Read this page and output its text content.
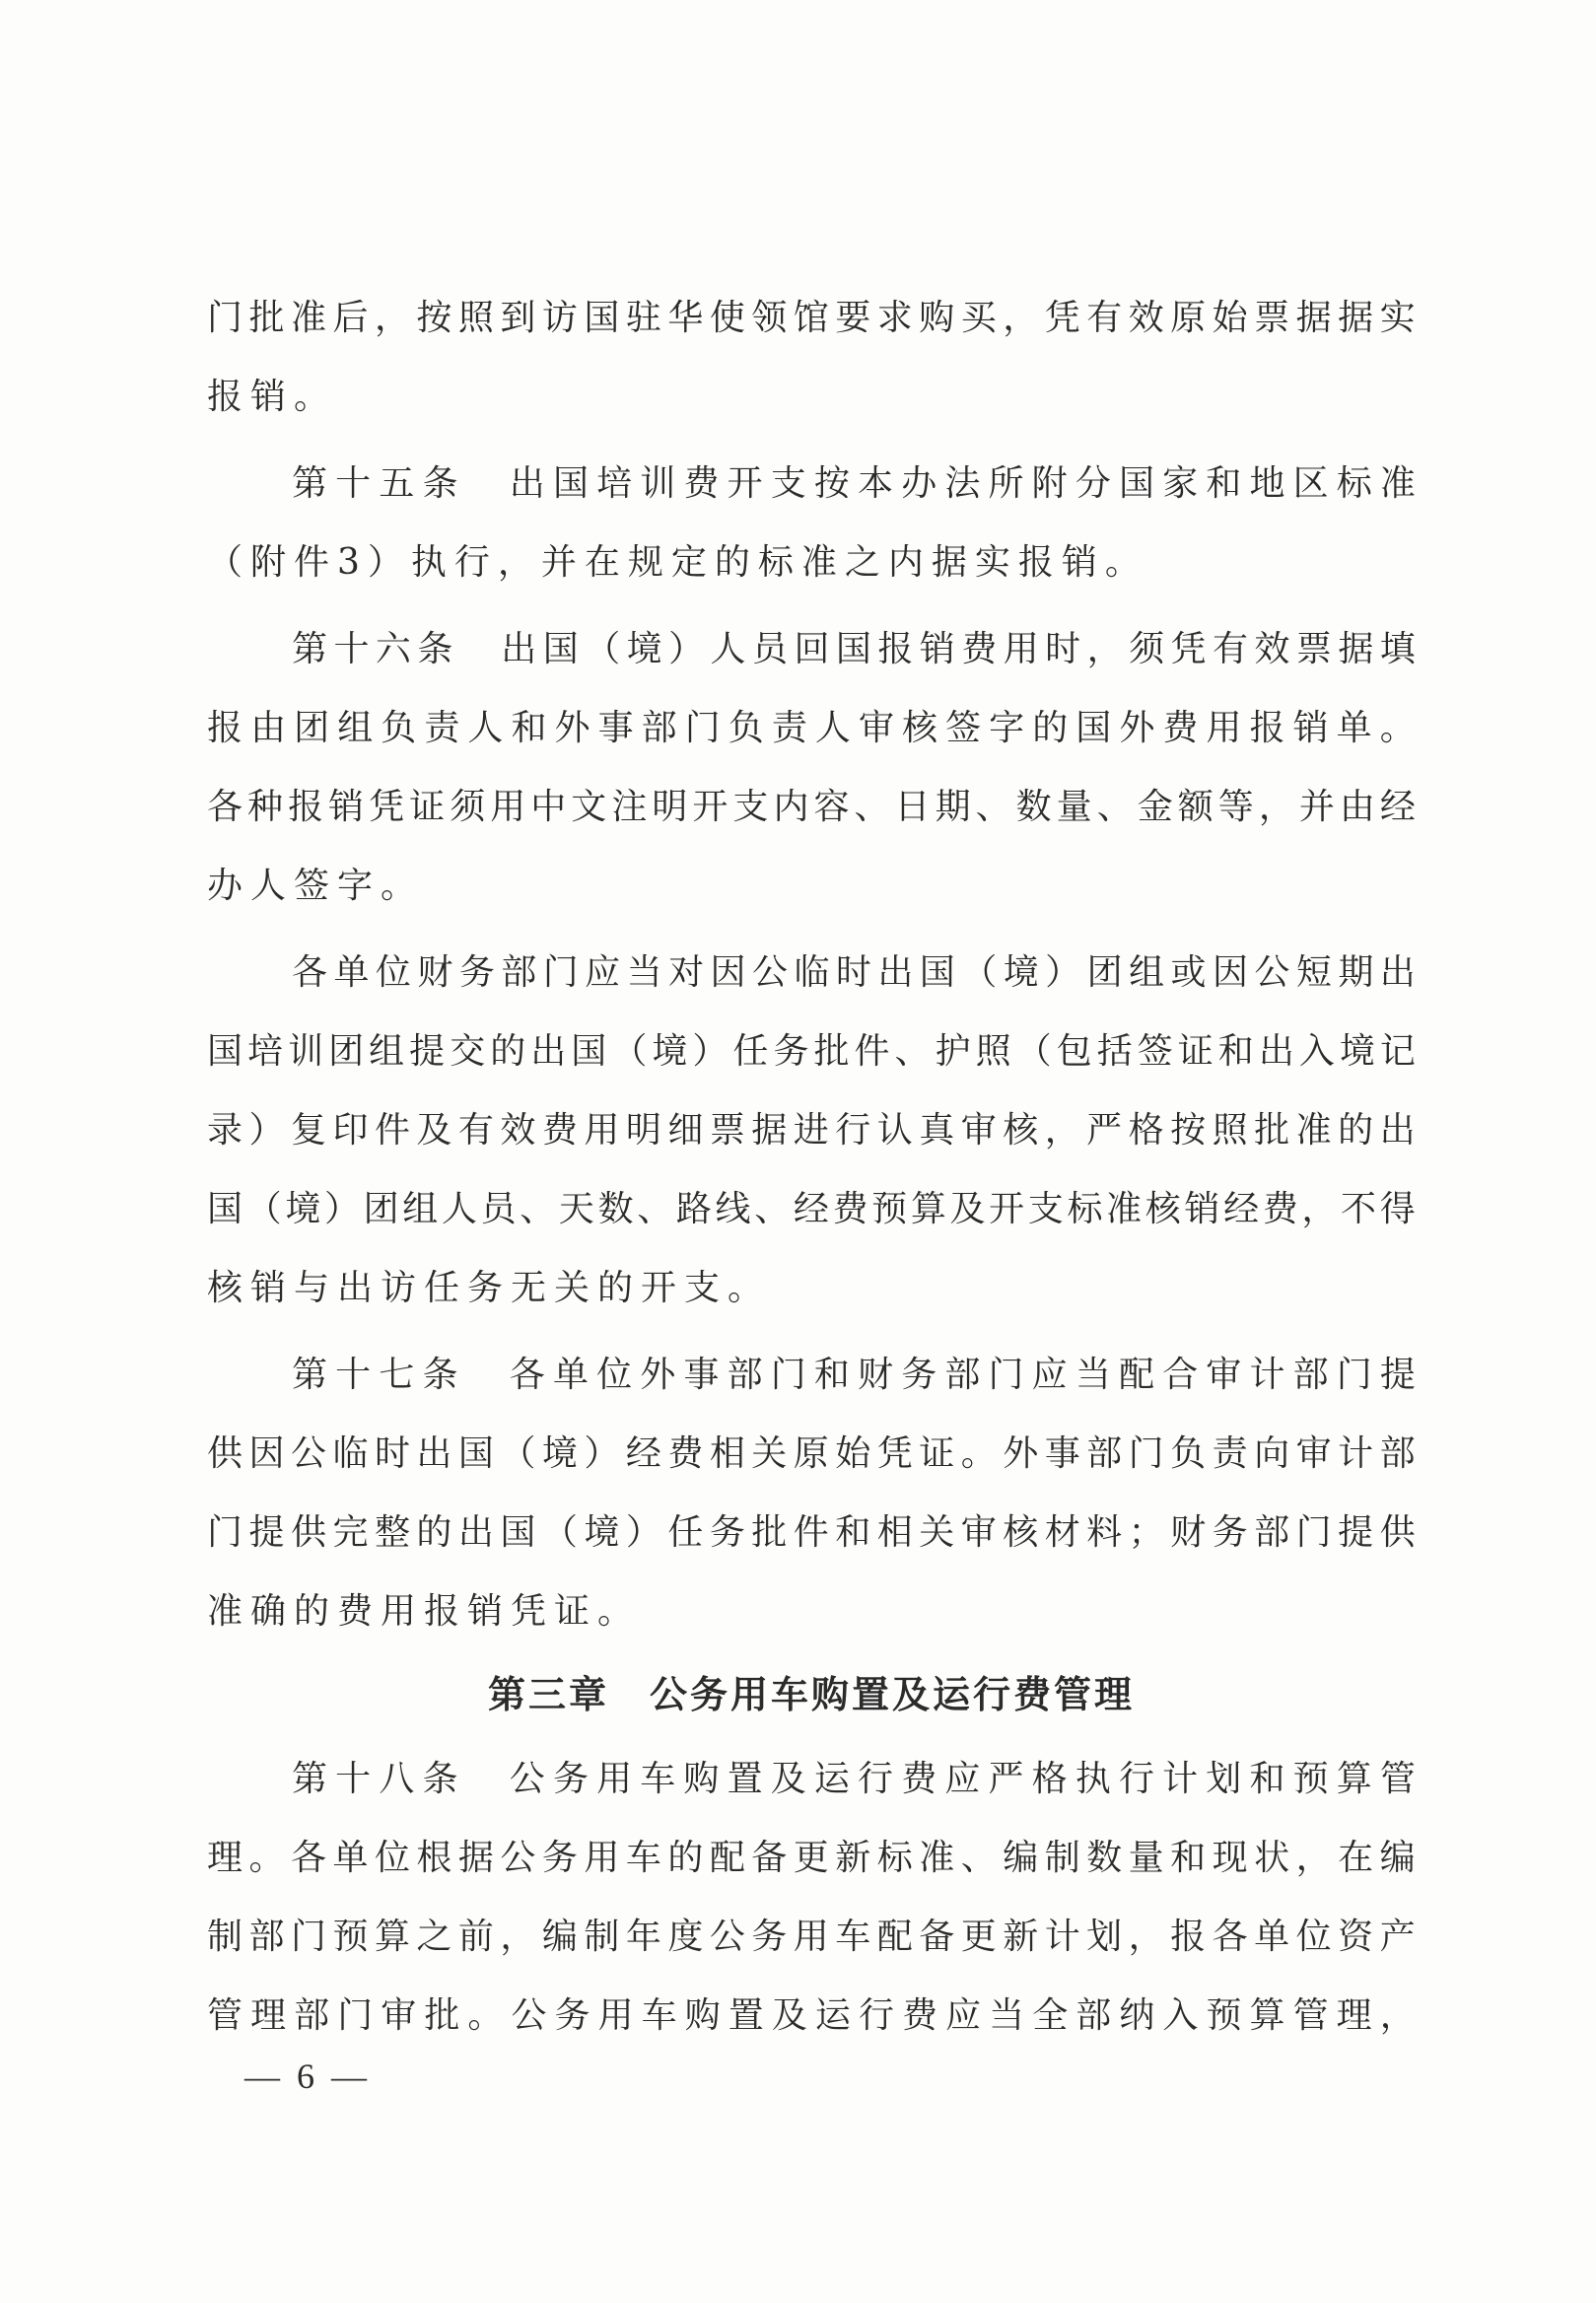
门 批 准 后 ， 按 照 到 访 国 驻 华 使 领 馆 要 求 购 买 ， 凭 有 效 原 始 票 据 据 实
报销。
第 十 五 条
　 出 国 培 训 费 开 支 按 本 办 法 所 附 分 国 家 和 地 区 标 准
（附件3）执行，并在规定的标准之内据实报销。
第 十 六 条
　 出 国 （ 境 ） 人 员 回 国 报 销 费 用 时 ， 须 凭 有 效 票 据 填
报 由 团 组 负 责 人 和 外 事 部 门 负 责 人 审 核 签 字 的 国 外 费 用 报 销 单 。
各 种 报 销 凭 证 须 用 中 文 注 明 开 支 内 容 、 日 期 、 数 量 、 金 额 等 ， 并 由 经
办人签字。
各 单 位 财 务 部 门 应 当 对 因 公 临 时 出 国 （ 境 ） 团 组 或 因 公 短 期 出
国 培 训 团 组 提 交 的 出 国 （ 境 ） 任 务 批 件 、 护 照 （ 包 括 签 证 和 出 入 境 记
录 ） 复 印 件 及 有 效 费 用 明 细 票 据 进 行 认 真 审 核 ， 严 格 按 照 批 准 的 出
国 （ 境 ） 团 组 人 员 、 天 数 、 路 线 、 经 费 预 算 及 开 支 标 准 核 销 经 费 ， 不 得
核销与出访任务无关的开支。
第 十 七 条
　 各 单 位 外 事 部 门 和 财 务 部 门 应 当 配 合 审 计 部 门 提
供 因 公 临 时 出 国 （ 境 ） 经 费 相 关 原 始 凭 证 。 外 事 部 门 负 责 向 审 计 部
门 提 供 完 整 的 出 国 （ 境 ） 任 务 批 件 和 相 关 审 核 材 料 ； 财 务 部 门 提 供
准确的费用报销凭证。
第三章　公务用车购置及运行费管理
第 十 八 条
　 公 务 用 车 购 置 及 运 行 费 应 严 格 执 行 计 划 和 预 算 管
理 。 各 单 位 根 据 公 务 用 车 的 配 备 更 新 标 准 、 编 制 数 量 和 现 状 ， 在 编
制 部 门 预 算 之 前 ， 编 制 年 度 公 务 用 车 配 备 更 新 计 划 ， 报 各 单 位 资 产
管 理 部 门 审 批 。 公 务 用 车 购 置 及 运 行 费 应 当 全 部 纳 入 预 算 管 理 ，
— 6 —
